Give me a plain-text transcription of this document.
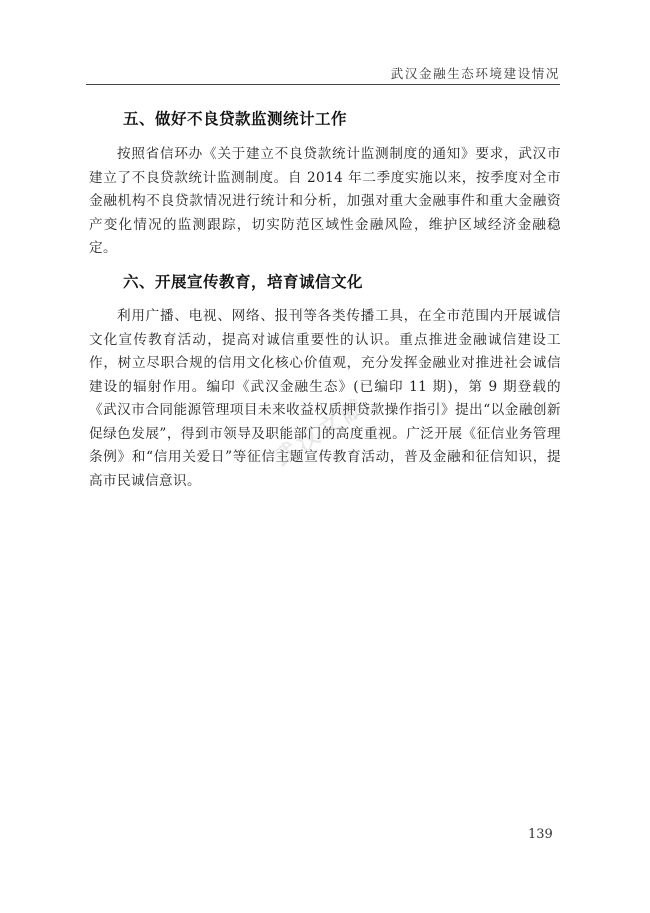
武汉金融生态环境建设情况
五、做好不良贷款监测统计工作

按照省信环办《关于建立不良贷款统计监测制度的通知》要求，武汉市建立了不良贷款统计监测制度。自 2014 年二季度实施以来，按季度对全市金融机构不良贷款情况进行统计和分析，加强对重大金融事件和重大金融资产变化情况的监测跟踪，切实防范区域性金融风险，维护区域经济金融稳定。

六、开展宣传教育，培育诚信文化

利用广播、电视、网络、报刊等各类传播工具，在全市范围内开展诚信文化宣传教育活动，提高对诚信重要性的认识。重点推进金融诚信建设工作，树立尽职合规的信用文化核心价值观，充分发挥金融业对推进社会诚信建设的辐射作用。编印《武汉金融生态》(已编印 11 期)，第 9 期登载的《武汉市合同能源管理项目未来收益权质押贷款操作指引》提出“以金融创新促绿色发展”，得到市领导及职能部门的高度重视。广泛开展《征信业务管理条例》和“信用关爱日”等征信主题宣传教育活动，普及金融和征信知识，提高市民诚信意识。

武汉文献
139
